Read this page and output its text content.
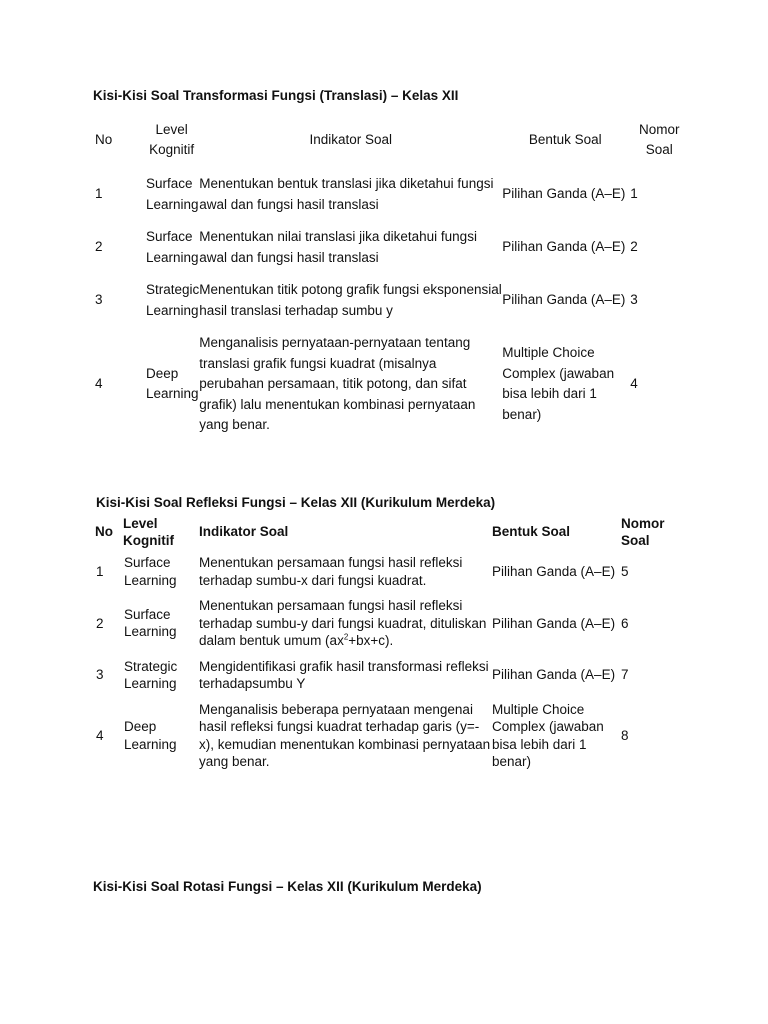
Kisi-Kisi Soal Transformasi Fungsi (Translasi) – Kelas XII
No	Level Kognitif	Indikator Soal	Bentuk Soal	Nomor Soal
1	Surface Learning	Menentukan bentuk translasi jika diketahui fungsi awal dan fungsi hasil translasi	Pilihan Ganda (A–E)	1
2	Surface Learning	Menentukan nilai translasi jika diketahui fungsi awal dan fungsi hasil translasi	Pilihan Ganda (A–E)	2
3	Strategic Learning	Menentukan titik potong grafik fungsi eksponensial hasil translasi terhadap sumbu y	Pilihan Ganda (A–E)	3
4	Deep Learning	Menganalisis pernyataan-pernyataan tentang translasi grafik fungsi kuadrat (misalnya perubahan persamaan, titik potong, dan sifat grafik) lalu menentukan kombinasi pernyataan yang benar.	Multiple Choice Complex (jawaban bisa lebih dari 1 benar)	4
Kisi-Kisi Soal Refleksi Fungsi – Kelas XII (Kurikulum Merdeka)
No	Level Kognitif	Indikator Soal	Bentuk Soal	Nomor Soal
1	Surface Learning	Menentukan persamaan fungsi hasil refleksi terhadap sumbu-x dari fungsi kuadrat.	Pilihan Ganda (A–E)	5
2	Surface Learning	Menentukan persamaan fungsi hasil refleksi terhadap sumbu-y dari fungsi kuadrat, dituliskan dalam bentuk umum $(ax^2+bx+c)$.	Pilihan Ganda (A–E)	6
3	Strategic Learning	Mengidentifikasi grafik hasil transformasi refleksi terhadapsumbu Y	Pilihan Ganda (A–E)	7
4	Deep Learning	Menganalisis beberapa pernyataan mengenai hasil refleksi fungsi kuadrat terhadap garis (y=-x), kemudian menentukan kombinasi pernyataan yang benar.	Multiple Choice Complex (jawaban bisa lebih dari 1 benar)	8
Kisi-Kisi Soal Rotasi Fungsi – Kelas XII (Kurikulum Merdeka)
